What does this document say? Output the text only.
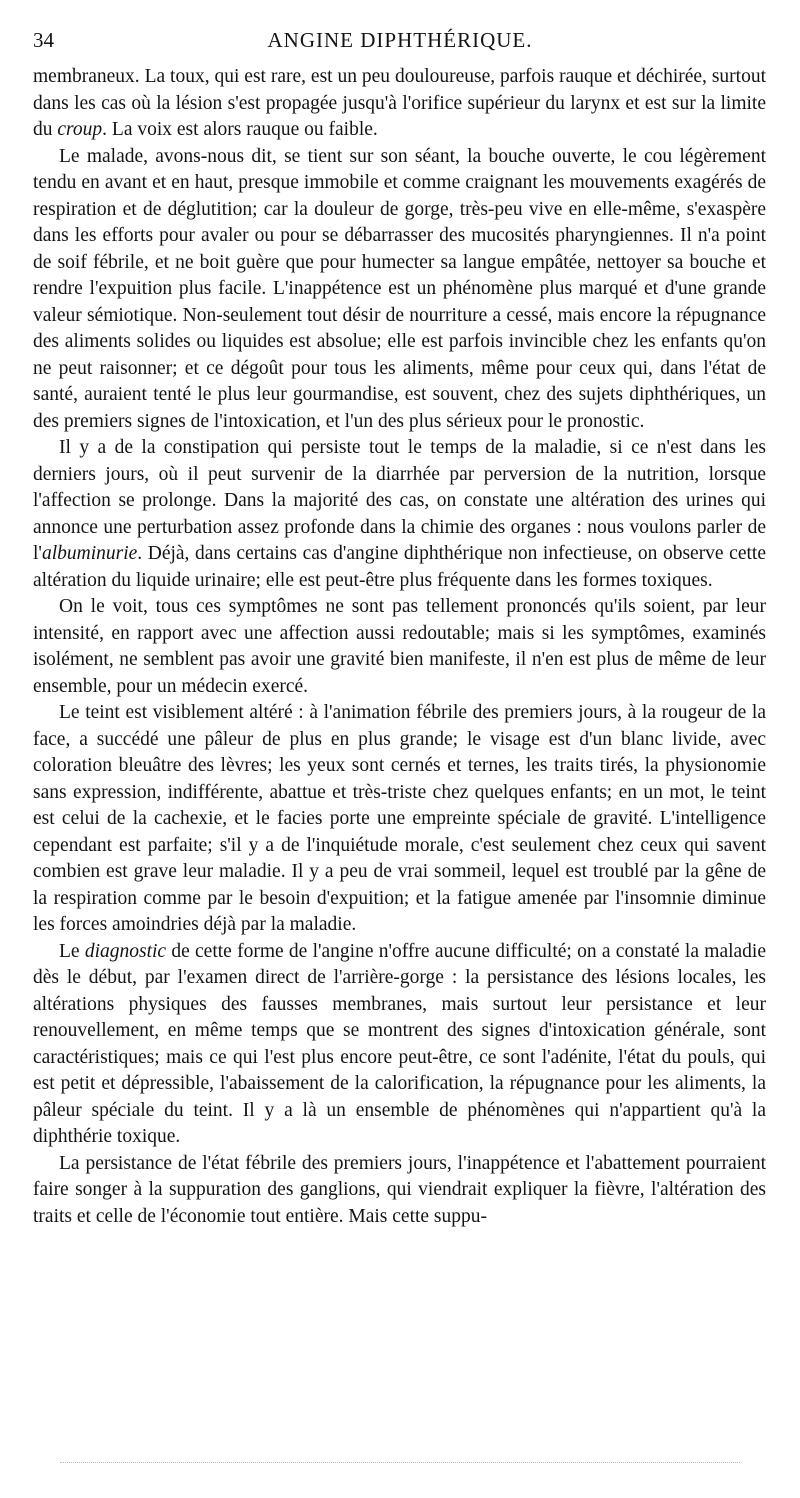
34	ANGINE DIPHTHÉRIQUE.

membraneux. La toux, qui est rare, est un peu douloureuse, parfois rauque et déchirée, surtout dans les cas où la lésion s'est propagée jusqu'à l'orifice supérieur du larynx et est sur la limite du croup. La voix est alors rauque ou faible.

Le malade, avons-nous dit, se tient sur son séant, la bouche ouverte, le cou légèrement tendu en avant et en haut, presque immobile et comme craignant les mouvements exagérés de respiration et de déglutition; car la douleur de gorge, très-peu vive en elle-même, s'exaspère dans les efforts pour avaler ou pour se débarrasser des mucosités pharyngiennes. Il n'a point de soif fébrile, et ne boit guère que pour humecter sa langue empâtée, nettoyer sa bouche et rendre l'expuition plus facile. L'inappétence est un phénomène plus marqué et d'une grande valeur sémiotique. Non-seulement tout désir de nourriture a cessé, mais encore la répugnance des aliments solides ou liquides est absolue; elle est parfois invincible chez les enfants qu'on ne peut raisonner; et ce dégoût pour tous les aliments, même pour ceux qui, dans l'état de santé, auraient tenté le plus leur gourmandise, est souvent, chez des sujets diphthériques, un des premiers signes de l'intoxication, et l'un des plus sérieux pour le pronostic.

Il y a de la constipation qui persiste tout le temps de la maladie, si ce n'est dans les derniers jours, où il peut survenir de la diarrhée par perversion de la nutrition, lorsque l'affection se prolonge. Dans la majorité des cas, on constate une altération des urines qui annonce une perturbation assez profonde dans la chimie des organes : nous voulons parler de l'albuminurie. Déjà, dans certains cas d'angine diphthérique non infectieuse, on observe cette altération du liquide urinaire; elle est peut-être plus fréquente dans les formes toxiques.

On le voit, tous ces symptômes ne sont pas tellement prononcés qu'ils soient, par leur intensité, en rapport avec une affection aussi redoutable; mais si les symptômes, examinés isolément, ne semblent pas avoir une gravité bien manifeste, il n'en est plus de même de leur ensemble, pour un médecin exercé.

Le teint est visiblement altéré : à l'animation fébrile des premiers jours, à la rougeur de la face, a succédé une pâleur de plus en plus grande; le visage est d'un blanc livide, avec coloration bleuâtre des lèvres; les yeux sont cernés et ternes, les traits tirés, la physionomie sans expression, indifférente, abattue et très-triste chez quelques enfants; en un mot, le teint est celui de la cachexie, et le facies porte une empreinte spéciale de gravité. L'intelligence cependant est parfaite; s'il y a de l'inquiétude morale, c'est seulement chez ceux qui savent combien est grave leur maladie. Il y a peu de vrai sommeil, lequel est troublé par la gêne de la respiration comme par le besoin d'expuition; et la fatigue amenée par l'insomnie diminue les forces amoindries déjà par la maladie.

Le diagnostic de cette forme de l'angine n'offre aucune difficulté; on a constaté la maladie dès le début, par l'examen direct de l'arrière-gorge : la persistance des lésions locales, les altérations physiques des fausses membranes, mais surtout leur persistance et leur renouvellement, en même temps que se montrent des signes d'intoxication générale, sont caractéristiques; mais ce qui l'est plus encore peut-être, ce sont l'adénite, l'état du pouls, qui est petit et dépressible, l'abaissement de la calorification, la répugnance pour les aliments, la pâleur spéciale du teint. Il y a là un ensemble de phénomènes qui n'appartient qu'à la diphthérie toxique.

La persistance de l'état fébrile des premiers jours, l'inappétence et l'abattement pourraient faire songer à la suppuration des ganglions, qui viendrait expliquer la fièvre, l'altération des traits et celle de l'économie tout entière. Mais cette suppu-
